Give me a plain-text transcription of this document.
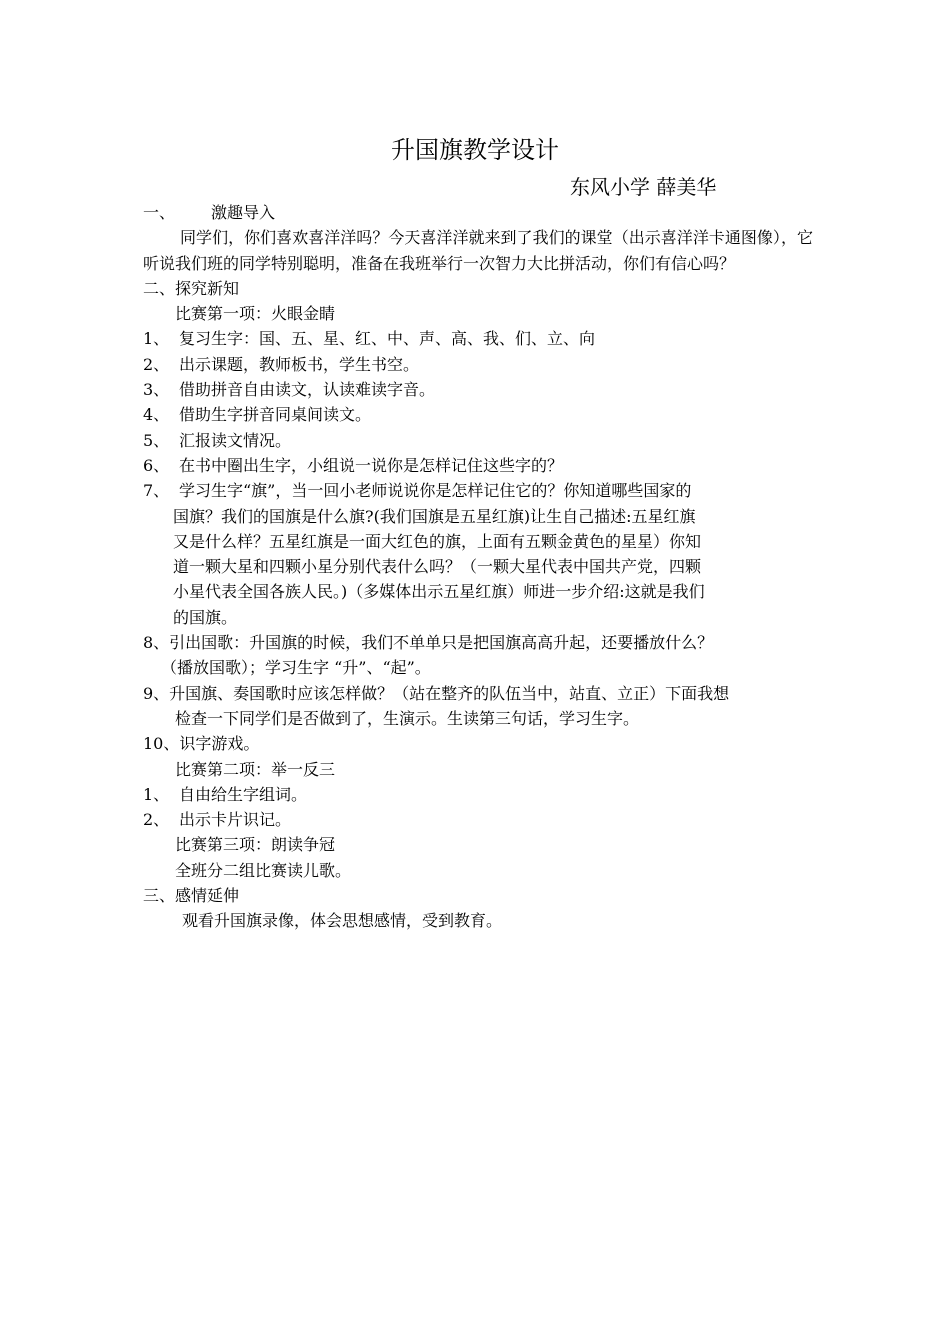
升国旗教学设计
东风小学 薛美华
一、 激趣导入
同学们，你们喜欢喜洋洋吗？今天喜洋洋就来到了我们的课堂（出示喜洋洋卡通图像），它听说我们班的同学特别聪明，准备在我班举行一次智力大比拼活动，你们有信心吗？
二、探究新知
比赛第一项：火眼金睛
1、 复习生字：国、五、星、红、中、声、高、我、们、立、向
2、 出示课题，教师板书，学生书空。
3、 借助拼音自由读文，认读难读字音。
4、 借助生字拼音同桌间读文。
5、 汇报读文情况。
6、 在书中圈出生字，小组说一说你是怎样记住这些字的？
7、 学习生字“旗”，当一回小老师说说你是怎样记住它的？你知道哪些国家的
国旗？我们的国旗是什么旗?(我们国旗是五星红旗)让生自己描述:五星红旗
又是什么样？五星红旗是一面大红色的旗，上面有五颗金黄色的星星）你知
道一颗大星和四颗小星分别代表什么吗？（一颗大星代表中国共产党，四颗
小星代表全国各族人民。)（多媒体出示五星红旗）师进一步介绍:这就是我们
的国旗。
8、引出国歌：升国旗的时候，我们不单单只是把国旗高高升起，还要播放什么？
（播放国歌）；学习生字 “升”、“起”。
9、升国旗、奏国歌时应该怎样做？（站在整齐的队伍当中，站直、立正）下面我想
检查一下同学们是否做到了，生演示。生读第三句话，学习生字。
10、识字游戏。
比赛第二项：举一反三
1、 自由给生字组词。
2、 出示卡片识记。
比赛第三项：朗读争冠
全班分二组比赛读儿歌。
三、感情延伸
观看升国旗录像，体会思想感情，受到教育。
